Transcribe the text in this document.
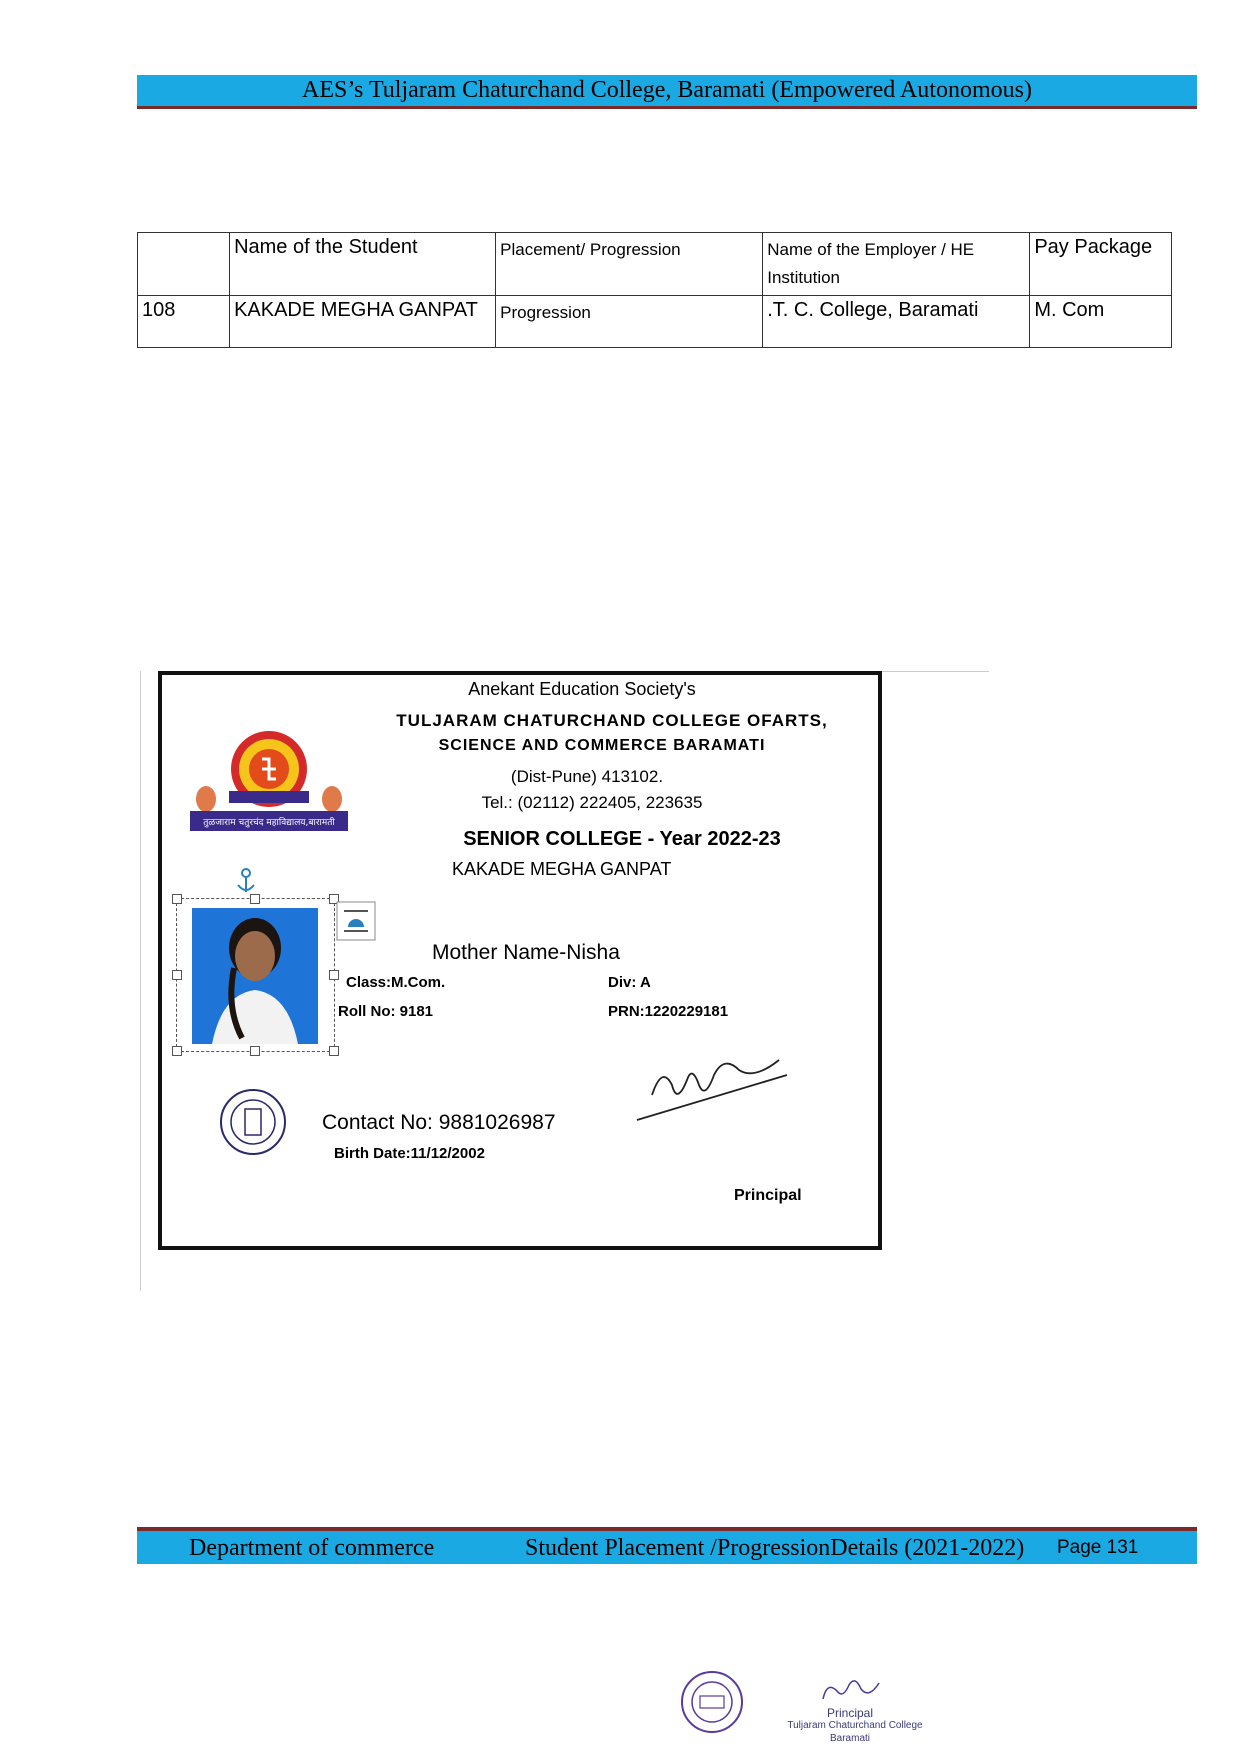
AES’s Tuljaram Chaturchand College, Baramati (Empowered Autonomous)
	Name of the Student	Placement/ Progression	Name of the Employer / HE Institution	Pay Package
108	KAKADE MEGHA GANPAT	Progression	.T. C. College, Baramati	M. Com
Anekant Education Society's
TULJARAM CHATURCHAND COLLEGE OFARTS,
SCIENCE AND COMMERCE BARAMATI
(Dist-Pune) 413102.
Tel.: (02112) 222405, 223635
SENIOR COLLEGE - Year 2022-23
KAKADE MEGHA GANPAT
तुळजाराम चतुरचंद महाविद्यालय,बारामती
Mother Name-Nisha
Class:M.Com.	Div: A
Roll No: 9181	PRN:1220229181
Contact No: 9881026987
Birth Date:11/12/2002
Principal
Department of commerce	Student Placement /ProgressionDetails (2021-2022) Page 131
Principal
Tuljaram Chaturchand College
Baramati
